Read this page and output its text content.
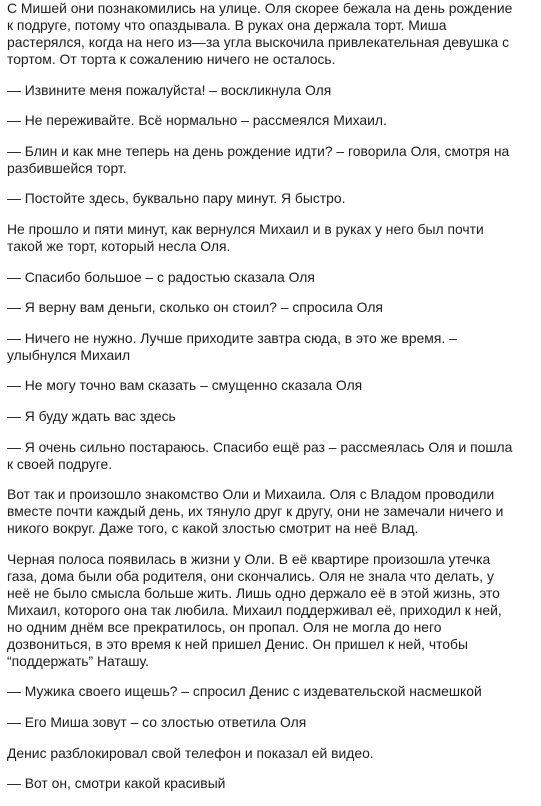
С Мишей они познакомились на улице. Оля скорее бежала на день рождение
к подруге, потому что опаздывала. В руках она держала торт. Миша
растерялся, когда на него из—за угла выскочила привлекательная девушка с
тортом. От торта к сожалению ничего не осталось.

— Извините меня пожалуйста! – воскликнула Оля

— Не переживайте. Всё нормально – рассмеялся Михаил.

— Блин и как мне теперь на день рождение идти? – говорила Оля, смотря на
разбившейся торт.

— Постойте здесь, буквально пару минут. Я быстро.

Не прошло и пяти минут, как вернулся Михаил и в руках у него был почти
такой же торт, который несла Оля.

— Спасибо большое – с радостью сказала Оля

— Я верну вам деньги, сколько он стоил? – спросила Оля

— Ничего не нужно. Лучше приходите завтра сюда, в это же время. –
улыбнулся Михаил

— Не могу точно вам сказать – смущенно сказала Оля

— Я буду ждать вас здесь

— Я очень сильно постараюсь. Спасибо ещё раз – рассмеялась Оля и пошла
к своей подруге.

Вот так и произошло знакомство Оли и Михаила. Оля с Владом проводили
вместе почти каждый день, их тянуло друг к другу, они не замечали ничего и
никого вокруг. Даже того, с какой злостью смотрит на неё Влад.

Черная полоса появилась в жизни у Оли. В её квартире произошла утечка
газа, дома были оба родителя, они скончались. Оля не знала что делать, у
неё не было смысла больше жить. Лишь одно держало её в этой жизнь, это
Михаил, которого она так любила. Михаил поддерживал её, приходил к ней,
но одним днём все прекратилось, он пропал. Оля не могла до него
дозвониться, в это время к ней пришел Денис. Он пришел к ней, чтобы
“поддержать” Наташу.

— Мужика своего ищешь? – спросил Денис с издевательской насмешкой

— Его Миша зовут – со злостью ответила Оля

Денис разблокировал свой телефон и показал ей видео.

— Вот он, смотри какой красивый
